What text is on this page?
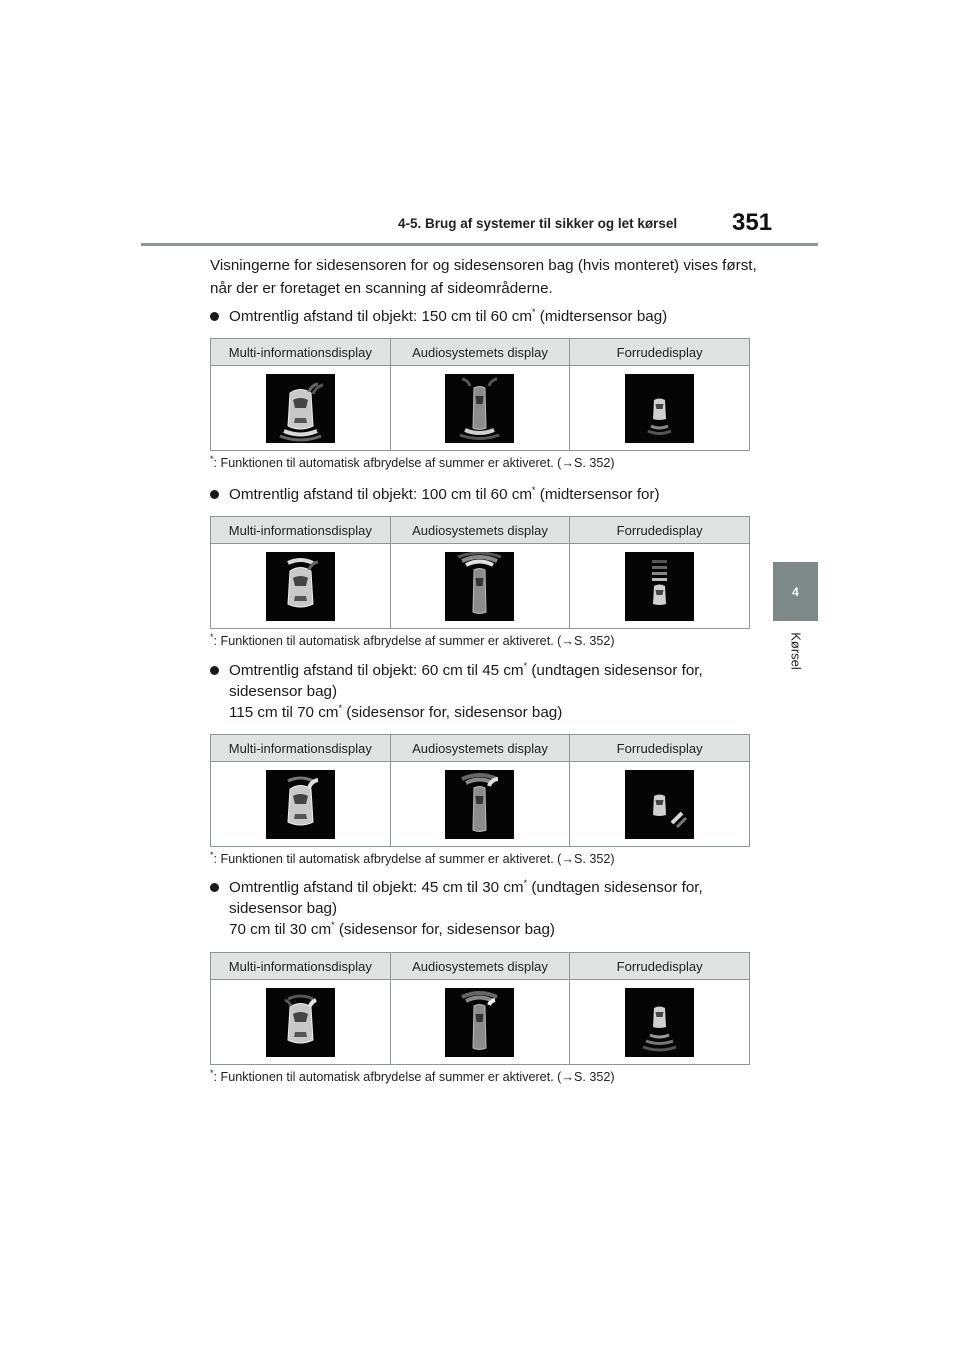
4-5. Brug af systemer til sikker og let kørsel 351
4
Kørsel

Visningerne for sidesensoren for og sidesensoren bag (hvis monteret) vises først, når der er foretaget en scanning af sideområderne.

Omtrentlig afstand til objekt: 150 cm til 60 cm* (midtersensor bag)
Multi-informationsdisplay	Audiosystemets display	Forrudedisplay

*: Funktionen til automatisk afbrydelse af summer er aktiveret. (→S. 352)
Omtrentlig afstand til objekt: 100 cm til 60 cm* (midtersensor for)
Multi-informationsdisplay	Audiosystemets display	Forrudedisplay

*: Funktionen til automatisk afbrydelse af summer er aktiveret. (→S. 352)
Omtrentlig afstand til objekt: 60 cm til 45 cm* (undtagen sidesensor for,
sidesensor bag)
115 cm til 70 cm* (sidesensor for, sidesensor bag)
Multi-informationsdisplay	Audiosystemets display	Forrudedisplay

*: Funktionen til automatisk afbrydelse af summer er aktiveret. (→S. 352)
Omtrentlig afstand til objekt: 45 cm til 30 cm* (undtagen sidesensor for,
sidesensor bag)
70 cm til 30 cm* (sidesensor for, sidesensor bag)
Multi-informationsdisplay	Audiosystemets display	Forrudedisplay

*: Funktionen til automatisk afbrydelse af summer er aktiveret. (→S. 352)
